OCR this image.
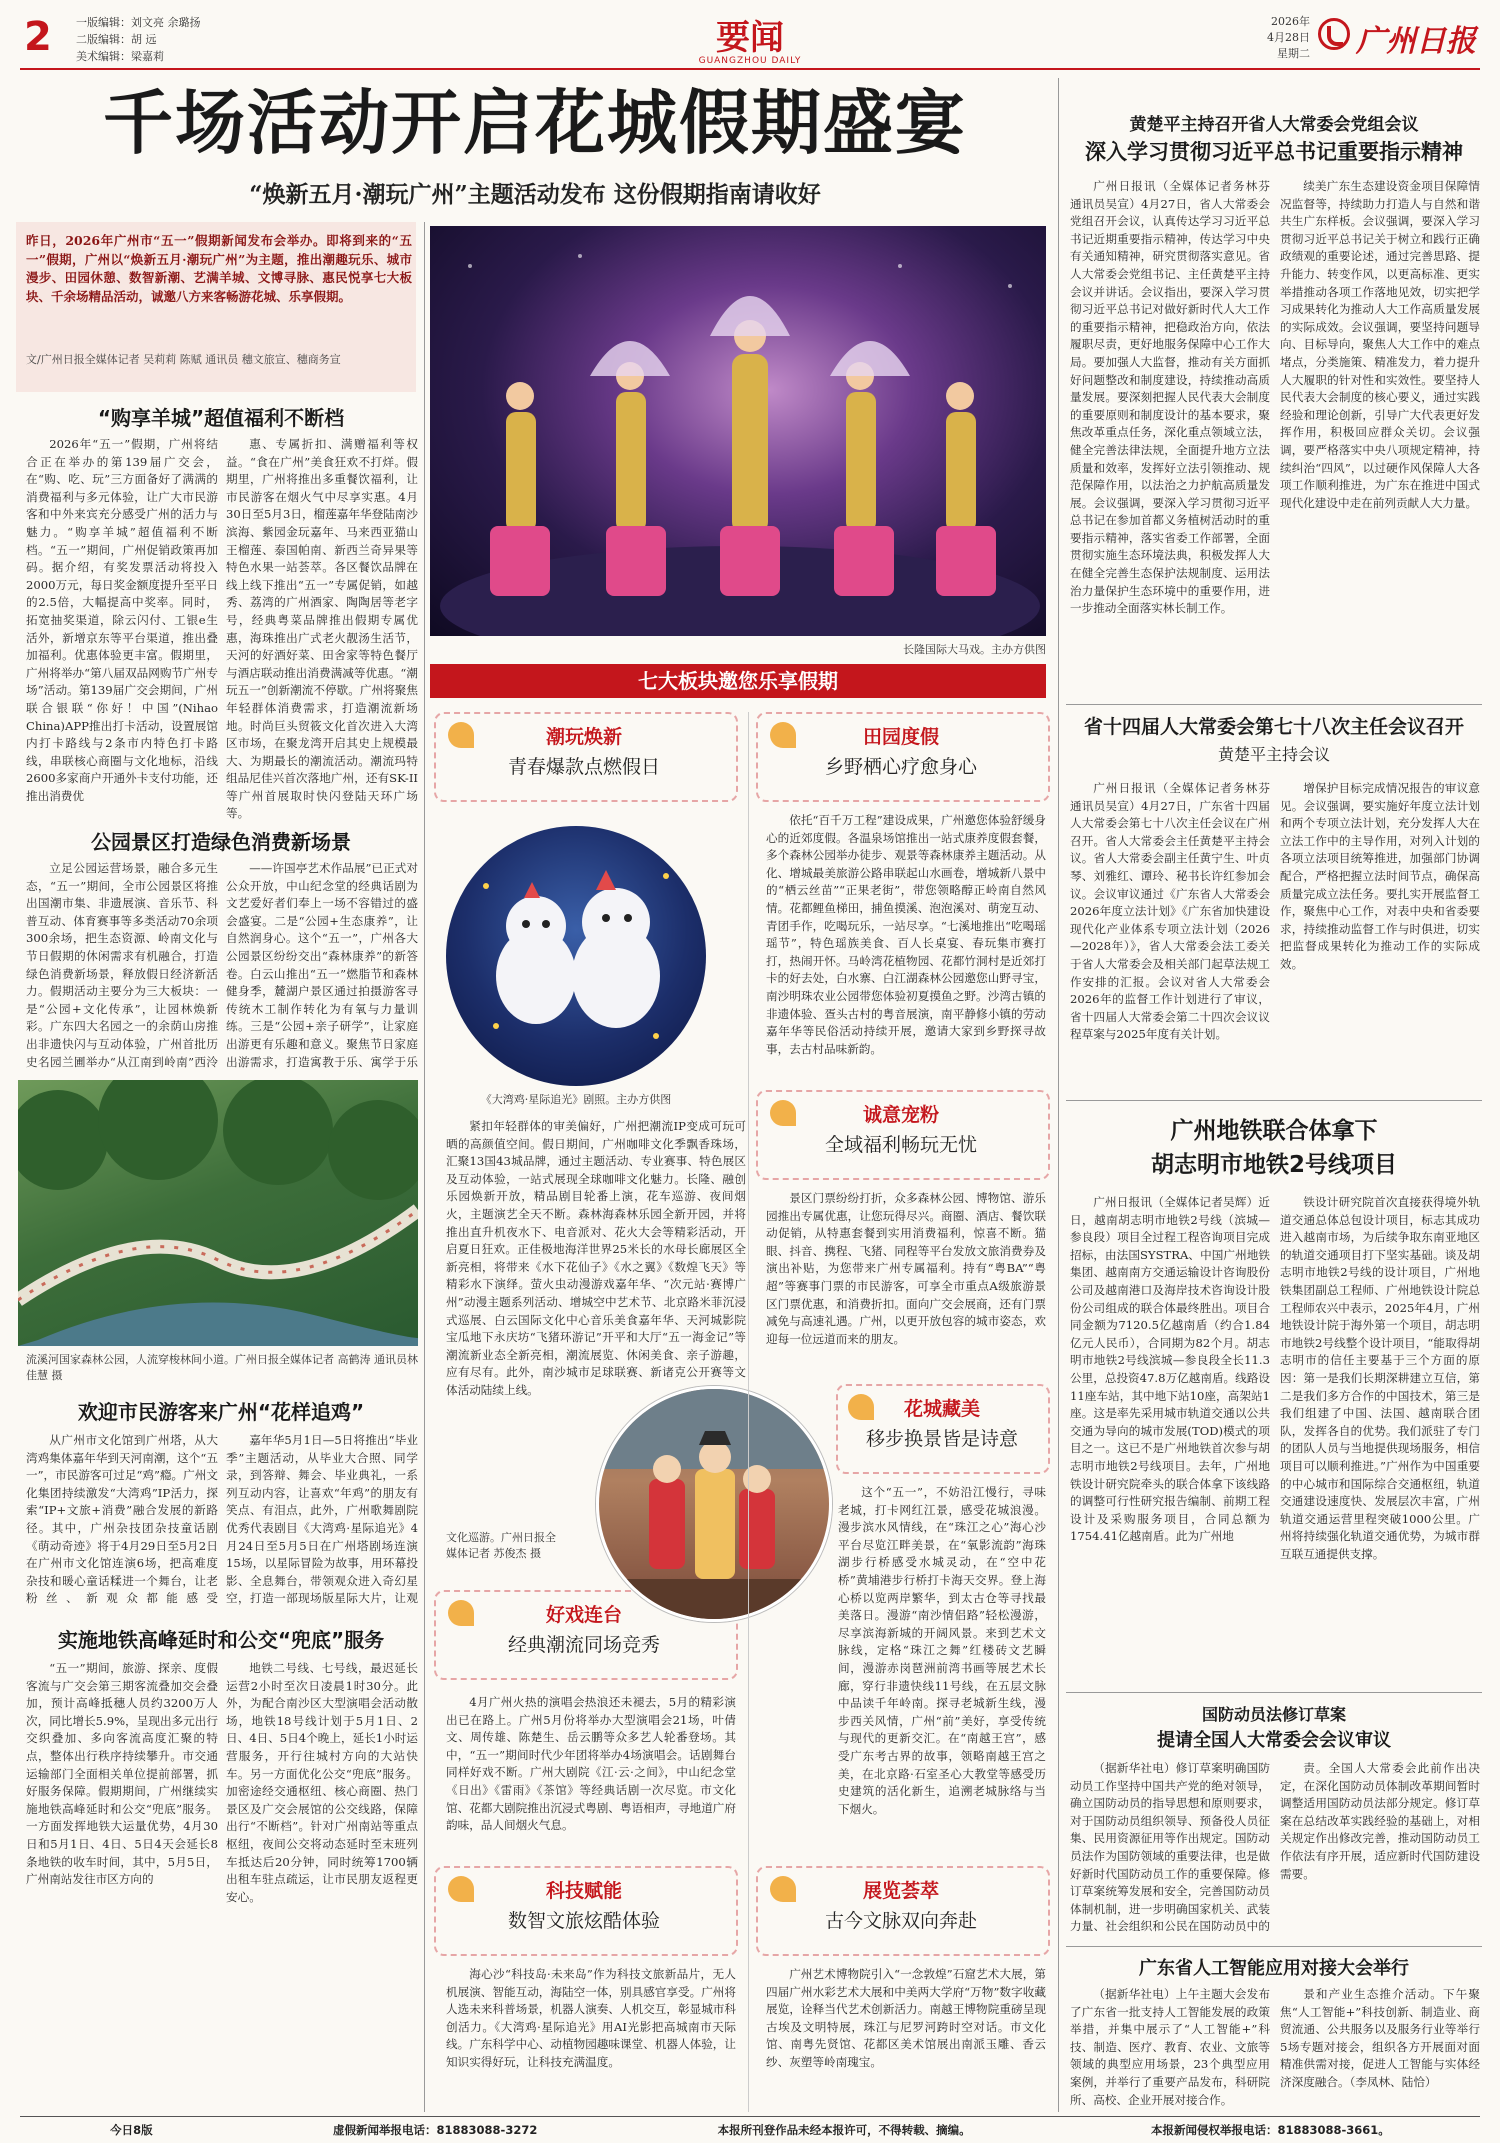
2 一版编辑：刘文亮 余璐扬
二版编辑：胡 远
美术编辑：梁嘉莉	要闻
GUANGZHOU DAILY
2026年
4月28日
星期二 广州日报
千场活动开启花城假期盛宴
“焕新五月·潮玩广州”主题活动发布 这份假期指南请收好
昨日，2026年广州市“五一”假期新闻发布会举办。即将到来的“五一”假期，广州以“焕新五月·潮玩广州”为主题，推出潮趣玩乐、城市漫步、田园休憩、数智新潮、艺满羊城、文博寻脉、惠民悦享七大板块、千余场精品活动，诚邀八方来客畅游花城、乐享假期。
文/广州日报全媒体记者 吴莉莉 陈赋 通讯员 穗文旅宣、穗商务宣
长隆国际大马戏。主办方供图
七大板块邀您乐享假期
“购享羊城”超值福利不断档

2026年“五一”假期，广州将结合正在举办的第139届广交会，在“购、吃、玩”三方面备好了满满的消费福利与多元体验，让广大市民游客和中外来宾充分感受广州的活力与魅力。“购享羊城”超值福利不断档。“五一”期间，广州促销政策再加码。据介绍，有奖发票活动将投入2000万元，每日奖金额度提升至平日的2.5倍，大幅提高中奖率。同时，拓宽抽奖渠道，除云闪付、工银e生活外，新增京东等平台渠道，推出叠加福利。优惠体验更丰富。假期里，广州将举办“第八届双品网购节广州专场”活动。第139届广交会期间，广州联合银联“你好！中国”(Nihao China)APP推出打卡活动，设置展馆内打卡路线与2条市内特色打卡路线，串联核心商圈与文化地标，沿线2600多家商户开通外卡支付功能，还推出消费优

惠、专属折扣、满赠福利等权益。“食在广州”美食狂欢不打烊。假期里，广州将推出多重餐饮福利，让市民游客在烟火气中尽享实惠。4月30日至5月3日，榴莲嘉年华登陆南沙滨海、紫园金玩嘉年、马来西亚猫山王榴莲、泰国帕南、新西兰奇异果等特色水果一站荟萃。各区餐饮品牌在线上线下推出“五一”专属促销，如越秀、荔湾的广州酒家、陶陶居等老字号，经典粤菜品牌推出假期专属优惠，海珠推出广式老火靓汤生活节，天河的好酒好菜、田舍家等特色餐厅与酒店联动推出消费满减等优惠。“潮玩五一”创新潮流不停歇。广州将聚焦年轻群体消费需求，打造潮流新场地。时尚巨头贸筱文化首次进入大湾区市场，在聚龙湾开启其史上规模最大、为期最长的潮流活动。潮流玛特组品尼佳兴首次落地广州，还有SK-II等广州首展取时快闪登陆天环广场等。

公园景区打造绿色消费新场景

立足公园运营场景，融合多元生态，“五一”期间，全市公园景区将推出国潮市集、非遗展演、音乐节、科普互动、体育赛事等多类活动70余项300余场，把生态资源、岭南文化与节日假期的休闲需求有机融合，打造绿色消费新场景，释放假日经济新活力。假期活动主要分为三大板块：一是“公园+文化传承”，让园林焕新彩。广东四大名园之一的余荫山房推出非遗快闪与互动体验，广州首批历史名园兰圃举办“从江南到岭南”西泠

——许国亭艺术作品展”已正式对公众开放，中山纪念堂的经典话剧为文艺爱好者们奉上一场不容错过的盛会盛宴。二是“公园+生态康养”，让自然润身心。这个“五一”，广州各大公园景区纷纷交出“森林康养”的新答卷。白云山推出“五一”燃脂节和森林健身季，麓湖户景区通过拍摄游客寻传统木工制作转化为有氧与力量训练。三是“公园+亲子研学”，让家庭出游更有乐趣和意义。聚焦节日家庭出游需求，打造寓教于乐、寓学于乐

流溪河国家森林公园，人流穿梭林间小道。广州日报全媒体记者 高鹤涛 通讯员林佳慧 摄
欢迎市民游客来广州“花样追鸡”

从广州市文化馆到广州塔，从大湾鸡集体嘉年华到天河南潮，这个“五一”，市民游客可过足“鸡”瘾。广州文化集团持续激发“大湾鸡”IP活力，探索“IP+文旅+消费”融合发展的新路径。其中，广州杂技团杂技童话剧《萌动奇迹》将于4月29日至5月2日在广州市文化馆连演6场，把高难度杂技和暖心童话糅进一个舞台，让老粉丝、新观众都能感受

嘉年华5月1日—5日将推出“毕业季”主题活动，从毕业大合照、同学录，到答辩、舞会、毕业典礼，一系列互动内容，让喜欢“年鸡”的朋友有笑点、有泪点，此外，广州歌舞剧院优秀代表剧目《大湾鸡·星际追光》4月24日至5月5日在广州塔剧场连演15场，以星际冒险为故事，用环幕投影、全息舞台，带领观众进入奇幻星空，打造一部现场版星际大片，让观

实施地铁高峰延时和公交“兜底”服务

“五一”期间，旅游、探亲、度假客流与广交会第三期客流叠加交会叠加，预计高峰抵穗人员约3200万人次，同比增长5.9%，呈现出多元出行交织叠加、多向客流高度汇聚的特点，整体出行秩序持续攀升。市交通运输部门全面相关单位提前部署，抓好服务保障。假期期间，广州继续实施地铁高峰延时和公交“兜底”服务。一方面发挥地铁大运量优势，4月30日和5月1日、4日、5日4天会延长8条地铁的收车时间，其中，5月5日，广州南站发往市区方向的

地铁二号线、七号线，最迟延长运营2小时至次日凌晨1时30分。此外，为配合南沙区大型演唱会活动散场，地铁18号线计划于5月1日、2日、4日、5日4个晚上，延长1小时运营服务，开行往城村方向的大站快车。另一方面优化公交“兜底”服务。加密途经交通枢纽、核心商圈、热门景区及广交会展馆的公交线路，保障出行“不断档”。针对广州南站等重点枢纽，夜间公交将动态延时至末班列车抵达后20分钟，同时统筹1700辆出租车驻点疏运，让市民朋友返程更安心。

潮玩焕新
青春爆款点燃假日
《大湾鸡·星际追光》剧照。主办方供图

紧扣年轻群体的审美偏好，广州把潮流IP变成可玩可晒的高颜值空间。假日期间，广州咖啡文化季飘香珠场，汇聚13国43城品牌，通过主题活动、专业赛事、特色展区及互动体验，一站式展现全球咖啡文化魅力。长隆、融创乐园焕新开放，精品剧目轮番上演，花车巡游、夜间烟火，主题演艺全天不断。森林海森林乐园全新开园，并将推出直升机夜水下、电音派对、花火大会等精彩活动，开启夏日狂欢。正佳极地海洋世界25米长的水母长廊展区全新亮相，将带来《水下花仙子》《水之翼》《数煌飞天》等精彩水下演绎。萤火虫动漫游戏嘉年华、“次元站·赛博广州”动漫主题系列活动、增城空中艺术节、北京路米菲沉浸式巡展、白云国际文化中心音乐美食嘉年华、天河城影院宝瓜地下永庆坊“飞猪环游记”开平和大厅“五一海金记”等潮流新业态全新亮相，潮流展览、休闲美食、亲子游趣，应有尽有。此外，南沙城市足球联赛、新诸克公开赛等文体活动陆续上线。

文化巡游。广州日报全媒体记者 苏俊杰 摄
好戏连台
经典潮流同场竞秀

4月广州火热的演唱会热浪还未褪去，5月的精彩演出已在路上。广州5月份将举办大型演唱会21场，叶倩文、周传雄、陈楚生、岳云鹏等众多艺人轮番登场。其中，“五一”期间时代少年团将举办4场演唱会。话剧舞台同样好戏不断。广州大剧院《江·云·之间》，中山纪念堂《日出》《雷雨》《茶馆》等经典话剧一次尽览。市文化馆、花都大剧院推出沉浸式粤剧、粤语相声，寻地道广府韵味，品人间烟火气息。

科技赋能
数智文旅炫酷体验

海心沙“科技岛·未来岛”作为科技文旅新品片，无人机展演、智能互动，海陆空一体，别具感官享受。广州将人选未来科普场景，机器人演奏、人机交互，彰显城市科创活力。《大湾鸡·星际追光》用AI光影把高城南市天际线。广东科学中心、动植物园趣味课堂、机器人体验，让知识实得好玩，让科技充满温度。

田园度假
乡野栖心疗愈身心

依托“百千万工程”建设成果，广州邀您体验舒缓身心的近郊度假。各温泉场馆推出一站式康养度假套餐，多个森林公园举办徒步、观景等森林康养主题活动。从化、增城最美旅游公路串联起山水画卷，增城新八景中的“栖云丝苗”“正果老街”，带您领略醇正岭南自然风情。花都鲤鱼梯田，捕鱼摸溪、泡泡溪对、萌宠互动、青团手作，吃喝玩乐，一站尽享。“七溪地推出“吃喝瑶瑶节”，特色瑶族美食、百人长桌宴、春玩集市赛打打，热闹开怀。马岭湾花植物园、花都竹洞村是近郊打卡的好去处，白水寨、白江湖森林公园邀您山野寻宝，南沙明珠农业公园带您体验初夏摸鱼之野。沙湾古镇的非遗体验、疍头古村的粤音展演，南平静修小镇的劳动嘉年华等民俗活动持续开展，邀请大家到乡野探寻故事，去古村品味新韵。

诚意宠粉
全域福利畅玩无忧

景区门票纷纷打折，众多森林公园、博物馆、游乐园推出专属优惠，让您玩得尽兴。商圈、酒店、餐饮联动促销，从特惠套餐到实用消费福利，惊喜不断。猫眼、抖音、携程、飞猪、同程等平台发放文旅消费券及演出补贴，为您带来广州专属福利。持有“粤BA”“粤超”等赛事门票的市民游客，可享全市重点A级旅游景区门票优惠，和消费折扣。面向广交会展商，还有门票减免与高速礼遇。广州，以更开放包容的城市姿态，欢迎每一位远道而来的朋友。

花城藏美
移步换景皆是诗意

这个“五一”，不妨沿江慢行，寻味老城，打卡网红江景，感受花城浪漫。漫步滨水风情线，在“珠江之心”海心沙平台尽览江畔美景，在“氧影流韵”海珠湖步行桥感受水城灵动，在“空中花桥”黄埔港步行桥打卡海天交界。登上海心桥以览两岸繁华，到太古仓等寻找最美落日。漫游“南沙情侣路”轻松漫游，尽享滨海新城的开阔风景。来到艺术文脉线，定格“珠江之舞”红楼砖文艺瞬间，漫游赤岗琶洲前湾书画等展艺术长廊，穿行非遗快线11号线，在五层文脉中品读千年岭南。探寻老城新生线，漫步西关风情，广州“前”美好，享受传统与现代的更新交汇。在“南越王宫”，感受广东考古界的故事，领略南越王宫之美，在北京路·石室圣心大教堂等感受历史建筑的活化新生，追溯老城脉络与当下烟火。

展览荟萃
古今文脉双向奔赴

广州艺术博物院引入“一念敦煌”石窟艺术大展，第四届广州水彩艺术大展和中美两大学府“万物”数字收藏展览，诠释当代艺术创新活力。南越王博物院重磅呈现古埃及文明特展，珠江与尼罗河跨时空对话。市文化馆、南粤先贤馆、花都区美术馆展出南派玉雕、香云纱、灰塑等岭南瑰宝。

黄楚平主持召开省人大常委会党组会议
深入学习贯彻习近平总书记重要指示精神

广州日报讯（全媒体记者务林芬 通讯员吴宣）4月27日，省人大常委会党组召开会议，认真传达学习习近平总书记近期重要指示精神，传达学习中央有关通知精神，研究贯彻落实意见。省人大常委会党组书记、主任黄楚平主持会议并讲话。会议指出，要深入学习贯彻习近平总书记对做好新时代人大工作的重要指示精神，把稳政治方向，依法履职尽责，更好地服务保障中心工作大局。要加强人大监督，推动有关方面抓好问题整改和制度建设，持续推动高质量发展。要深刻把握人民代表大会制度的重要原则和制度设计的基本要求，聚焦改革重点任务，深化重点领域立法，健全完善法律法规，全面提升地方立法质量和效率，发挥好立法引领推动、规范保障作用，以法治之力护航高质量发展。会议强调，要深入学习贯彻习近平总书记在参加首都义务植树活动时的重要指示精神，落实省委工作部署，全面贯彻实施生态环境法典，积极发挥人大在健全完善生态保护法规制度、运用法治力量保护生态环境中的重要作用，进一步推动全面落实林长制工作。

续美广东生态建设资金项目保障情况监督等，持续助力打造人与自然和谐共生广东样板。会议强调，要深入学习贯彻习近平总书记关于树立和践行正确政绩观的重要论述，通过完善思路、提升能力、转变作风，以更高标准、更实举措推动各项工作落地见效，切实把学习成果转化为推动人大工作高质量发展的实际成效。会议强调，要坚持问题导向、目标导向，聚焦人大工作中的难点堵点，分类施策、精准发力，着力提升人大履职的针对性和实效性。要坚持人民代表大会制度的核心要义，通过实践经验和理论创新，引导广大代表更好发挥作用，积极回应群众关切。会议强调，要严格落实中央八项规定精神，持续纠治“四风”，以过硬作风保障人大各项工作顺利推进，为广东在推进中国式现代化建设中走在前列贡献人大力量。

省十四届人大常委会第七十八次主任会议召开
黄楚平主持会议

广州日报讯（全媒体记者务林芬 通讯员吴宣）4月27日，广东省十四届人大常委会第七十八次主任会议在广州召开。省人大常委会主任黄楚平主持会议。省人大常委会副主任黄宁生、叶贞琴、刘雅红、谭玲、秘书长许红参加会议。会议审议通过《广东省人大常委会2026年度立法计划》《广东省加快建设现代化产业体系专项立法计划（2026—2028年）》，省人大常委会法工委关于省人大常委会及相关部门起草法规工作安排的汇报。会议对省人大常委会2026年的监督工作计划进行了审议，省十四届人大常委会第二十四次会议议程草案与2025年度有关计划。

增保护目标完成情况报告的审议意见。会议强调，要实施好年度立法计划和两个专项立法计划，充分发挥人大在立法工作中的主导作用，对列入计划的各项立法项目统筹推进，加强部门协调配合，严格把握立法时间节点，确保高质量完成立法任务。要扎实开展监督工作，聚焦中心工作，对表中央和省委要求，持续推动监督工作与时俱进，切实把监督成果转化为推动工作的实际成效。

广州地铁联合体拿下
胡志明市地铁2号线项目

广州日报讯（全媒体记者吴辉）近日，越南胡志明市地铁2号线（滨城—参良段）项目全过程工程咨询项目完成招标，由法国SYSTRA、中国广州地铁集团、越南南方交通运输设计咨询股份公司及越南港口及海岸技术咨询设计股份公司组成的联合体最终胜出。项目合同金额为7120.5亿越南盾（约合1.84亿元人民币），合同期为82个月。胡志明市地铁2号线滨城—参良段全长11.3公里，总投资47.8万亿越南盾。线路设11座车站，其中地下站10座，高架站1座。这是率先采用城市轨道交通以公共交通为导向的城市发展(TOD)模式的项目之一。这已不是广州地铁首次参与胡志明市地铁2号线项目。去年，广州地铁设计研究院牵头的联合体拿下该线路的调整可行性研究报告编制、前期工程设计及采购服务项目，合同总额为1754.41亿越南盾。此为广州地

铁设计研究院首次直接获得境外轨道交通总体总包设计项目，标志其成功进入越南市场，为后续争取东南亚地区的轨道交通项目打下坚实基础。谈及胡志明市地铁2号线的设计项目，广州地铁集团副总工程师、广州地铁设计院总工程师农兴中表示，2025年4月，广州地铁设计院于海外第一个项目，胡志明市地铁2号线整个设计项目，“能取得胡志明市的信任主要基于三个方面的原因：第一是我们长期深耕建立互信，第二是我们多方合作的中国技术，第三是我们组建了中国、法国、越南联合团队，发挥各自的优势。我们派驻了专门的团队人员与当地提供现场服务，相信项目可以顺利推进。”广州作为中国重要的中心城市和国际综合交通枢纽，轨道交通建设速度快、发展层次丰富，广州轨道交通运营里程突破1000公里。广州将持续强化轨道交通优势，为城市群互联互通提供支撑。

国防动员法修订草案
提请全国人大常委会会议审议

（据新华社电）修订草案明确国防动员工作坚持中国共产党的绝对领导，确立国防动员的指导思想和原则要求，对于国防动员组织领导、预备役人员征集、民用资源征用等作出规定。国防动员法作为国防领域的重要法律，也是做好新时代国防动员工作的重要保障。修订草案统筹发展和安全，完善国防动员体制机制，进一步明确国家机关、武装力量、社会组织和公民在国防动员中的

责。全国人大常委会此前作出决定，在深化国防动员体制改革期间暂时调整适用国防动员法部分规定。修订草案在总结改革实践经验的基础上，对相关规定作出修改完善，推动国防动员工作依法有序开展，适应新时代国防建设需要。

广东省人工智能应用对接大会举行

（据新华社电）上午主题大会发布了广东省一批支持人工智能发展的政策举措，并集中展示了“人工智能+”科技、制造、医疗、教育、农业、文旅等领域的典型应用场景，23个典型应用案例，并举行了重要产品发布，科研院所、高校、企业开展对接合作。

景和产业生态推介活动。下午聚焦“人工智能+”科技创新、制造业、商贸流通、公共服务以及服务行业等举行5场专题对接会，组织各方开展面对面精准供需对接，促进人工智能与实体经济深度融合。（李凤林、陆恰）

今日8版	虚假新闻举报电话：81883088-3272	本报所刊登作品未经本报许可，不得转载、摘编。	本报新闻侵权举报电话：81883088-3661。
